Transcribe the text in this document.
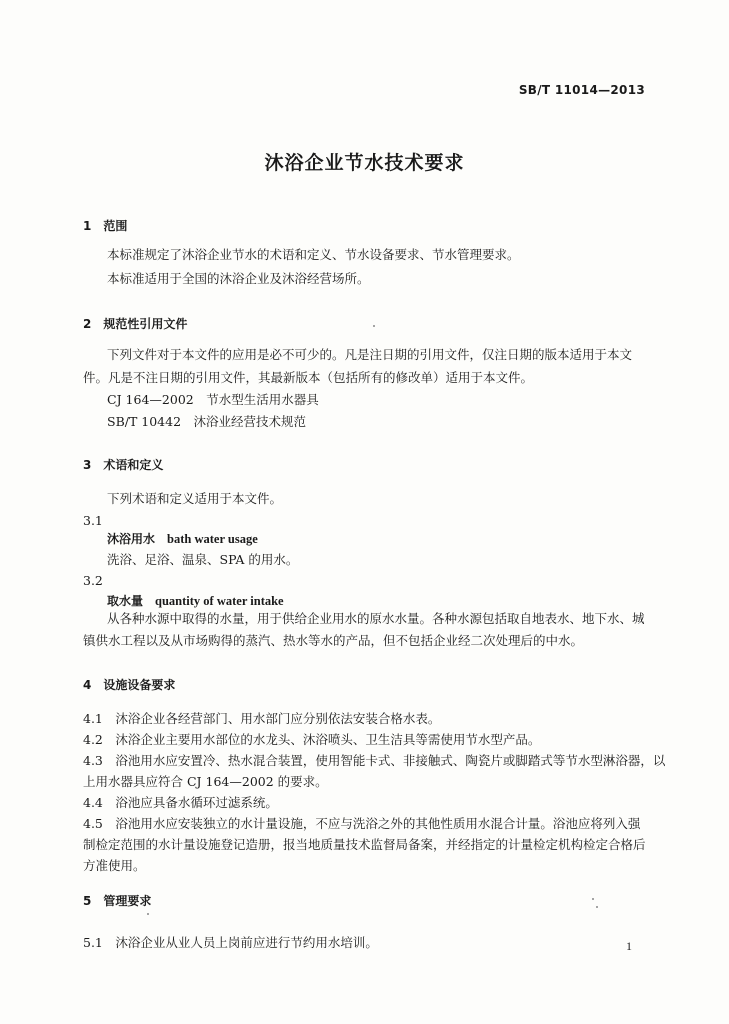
SB/T 11014—2013
沐浴企业节水技术要求
1　范围
本标准规定了沐浴企业节水的术语和定义、节水设备要求、节水管理要求。
本标准适用于全国的沐浴企业及沐浴经营场所。
2　规范性引用文件
下列文件对于本文件的应用是必不可少的。凡是注日期的引用文件，仅注日期的版本适用于本文
件。凡是不注日期的引用文件，其最新版本（包括所有的修改单）适用于本文件。
CJ 164—2002　节水型生活用水器具
SB/T 10442　沐浴业经营技术规范
3　术语和定义
下列术语和定义适用于本文件。
3.1
沐浴用水 bath water usage
洗浴、足浴、温泉、SPA 的用水。
3.2
取水量 quantity of water intake
从各种水源中取得的水量，用于供给企业用水的原水水量。各种水源包括取自地表水、地下水、城
镇供水工程以及从市场购得的蒸汽、热水等水的产品，但不包括企业经二次处理后的中水。
4　设施设备要求
4.1　沐浴企业各经营部门、用水部门应分别依法安装合格水表。
4.2　沐浴企业主要用水部位的水龙头、沐浴喷头、卫生洁具等需使用节水型产品。
4.3　浴池用水应安置冷、热水混合装置，使用智能卡式、非接触式、陶瓷片或脚踏式等节水型淋浴器，以
上用水器具应符合 CJ 164—2002 的要求。
4.4　浴池应具备水循环过滤系统。
4.5　浴池用水应安装独立的水计量设施，不应与洗浴之外的其他性质用水混合计量。浴池应将列入强
制检定范围的水计量设施登记造册，报当地质量技术监督局备案，并经指定的计量检定机构检定合格后
方准使用。
5　管理要求
5.1　沐浴企业从业人员上岗前应进行节约用水培训。	1
